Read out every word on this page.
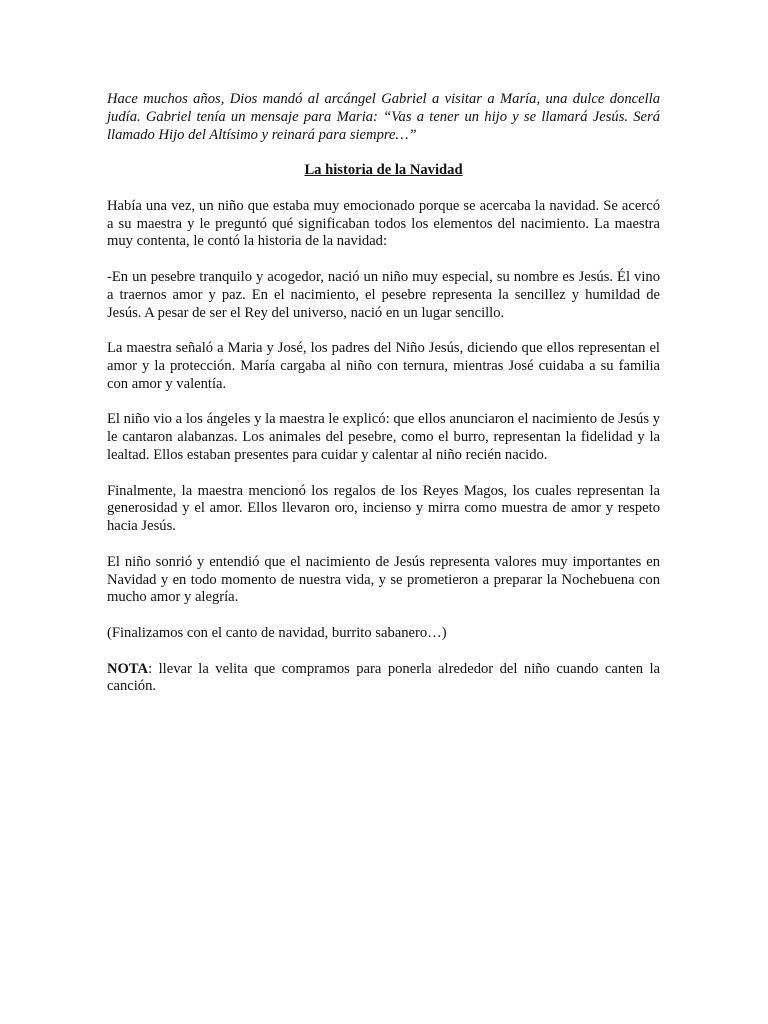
Hace muchos años, Dios mandó al arcángel Gabriel a visitar a María, una dulce doncella judía. Gabriel tenía un mensaje para Maria: “Vas a tener un hijo y se llamará Jesús. Será llamado Hijo del Altísimo y reinará para siempre…”

La historia de la Navidad

Había una vez, un niño que estaba muy emocionado porque se acercaba la navidad. Se acercó a su maestra y le preguntó qué significaban todos los elementos del nacimiento. La maestra muy contenta, le contó la historia de la navidad:

-En un pesebre tranquilo y acogedor, nació un niño muy especial, su nombre es Jesús. Él vino a traernos amor y paz. En el nacimiento, el pesebre representa la sencillez y humildad de Jesús. A pesar de ser el Rey del universo, nació en un lugar sencillo.

La maestra señaló a Maria y José, los padres del Niño Jesús, diciendo que ellos representan el amor y la protección. María cargaba al niño con ternura, mientras José cuidaba a su familia con amor y valentía.

El niño vio a los ángeles y la maestra le explicó: que ellos anunciaron el nacimiento de Jesús y le cantaron alabanzas. Los animales del pesebre, como el burro, representan la fidelidad y la lealtad. Ellos estaban presentes para cuidar y calentar al niño recién nacido.

Finalmente, la maestra mencionó los regalos de los Reyes Magos, los cuales representan la generosidad y el amor. Ellos llevaron oro, incienso y mirra como muestra de amor y respeto hacia Jesús.

El niño sonrió y entendió que el nacimiento de Jesús representa valores muy importantes en Navidad y en todo momento de nuestra vida, y se prometieron a preparar la Nochebuena con mucho amor y alegría.

(Finalizamos con el canto de navidad, burrito sabanero…)

NOTA: llevar la velita que compramos para ponerla alrededor del niño cuando canten la canción.
